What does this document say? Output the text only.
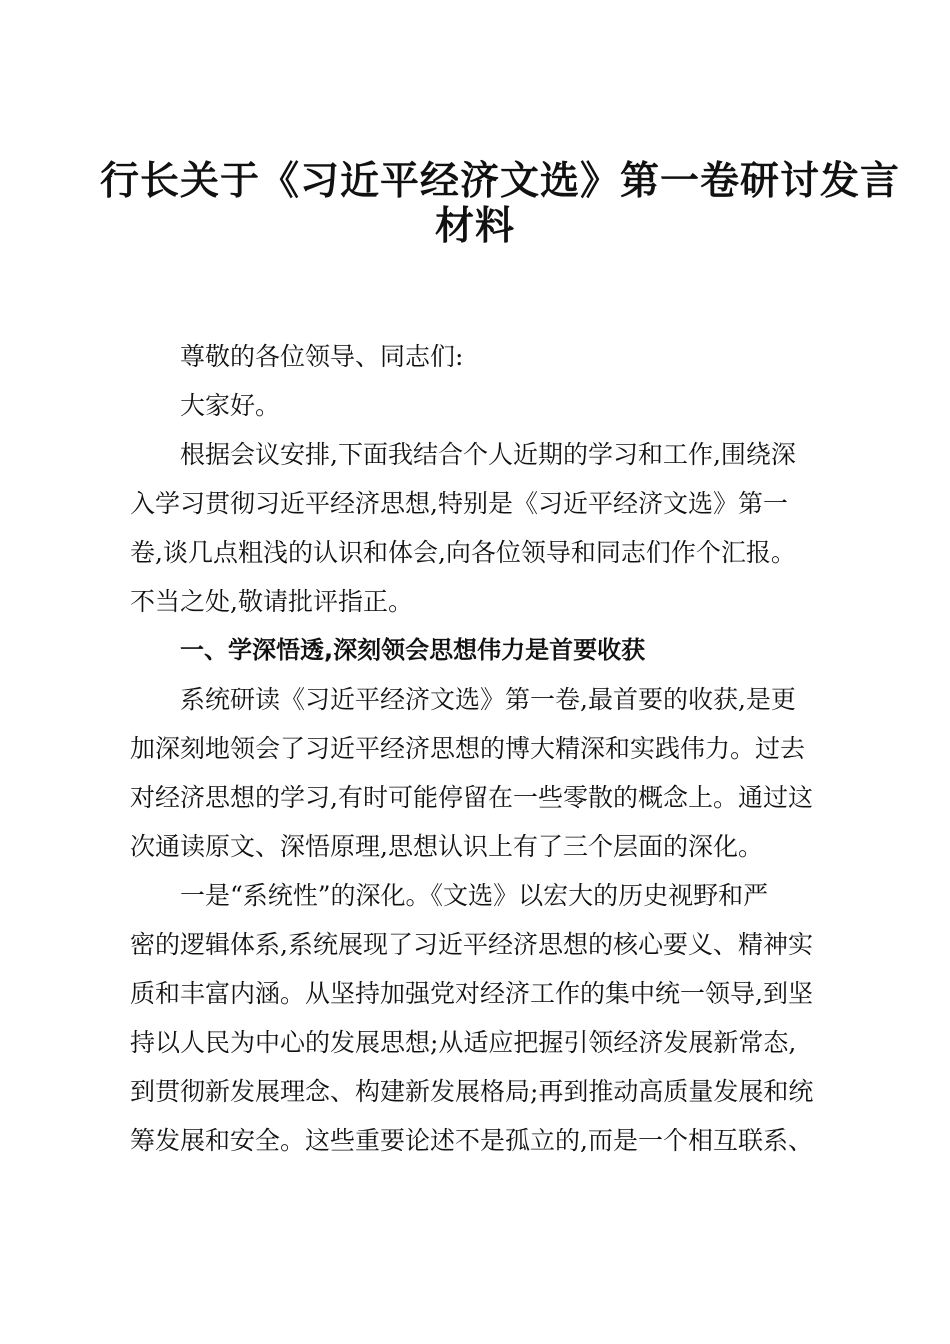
行长关于《习近平经济文选》第一卷研讨发言
材料
尊敬的各位领导、同志们:
大家好。
根据会议安排,下面我结合个人近期的学习和工作,围绕深
入学习贯彻习近平经济思想,特别是《习近平经济文选》第一
卷,谈几点粗浅的认识和体会,向各位领导和同志们作个汇报。
不当之处,敬请批评指正。
一、学深悟透,深刻领会思想伟力是首要收获
系统研读《习近平经济文选》第一卷,最首要的收获,是更
加深刻地领会了习近平经济思想的博大精深和实践伟力。过去
对经济思想的学习,有时可能停留在一些零散的概念上。通过这
次通读原文、深悟原理,思想认识上有了三个层面的深化。
一是“系统性”的深化。《文选》以宏大的历史视野和严
密的逻辑体系,系统展现了习近平经济思想的核心要义、精神实
质和丰富内涵。从坚持加强党对经济工作的集中统一领导,到坚
持以人民为中心的发展思想;从适应把握引领经济发展新常态,
到贯彻新发展理念、构建新发展格局;再到推动高质量发展和统
筹发展和安全。这些重要论述不是孤立的,而是一个相互联系、
